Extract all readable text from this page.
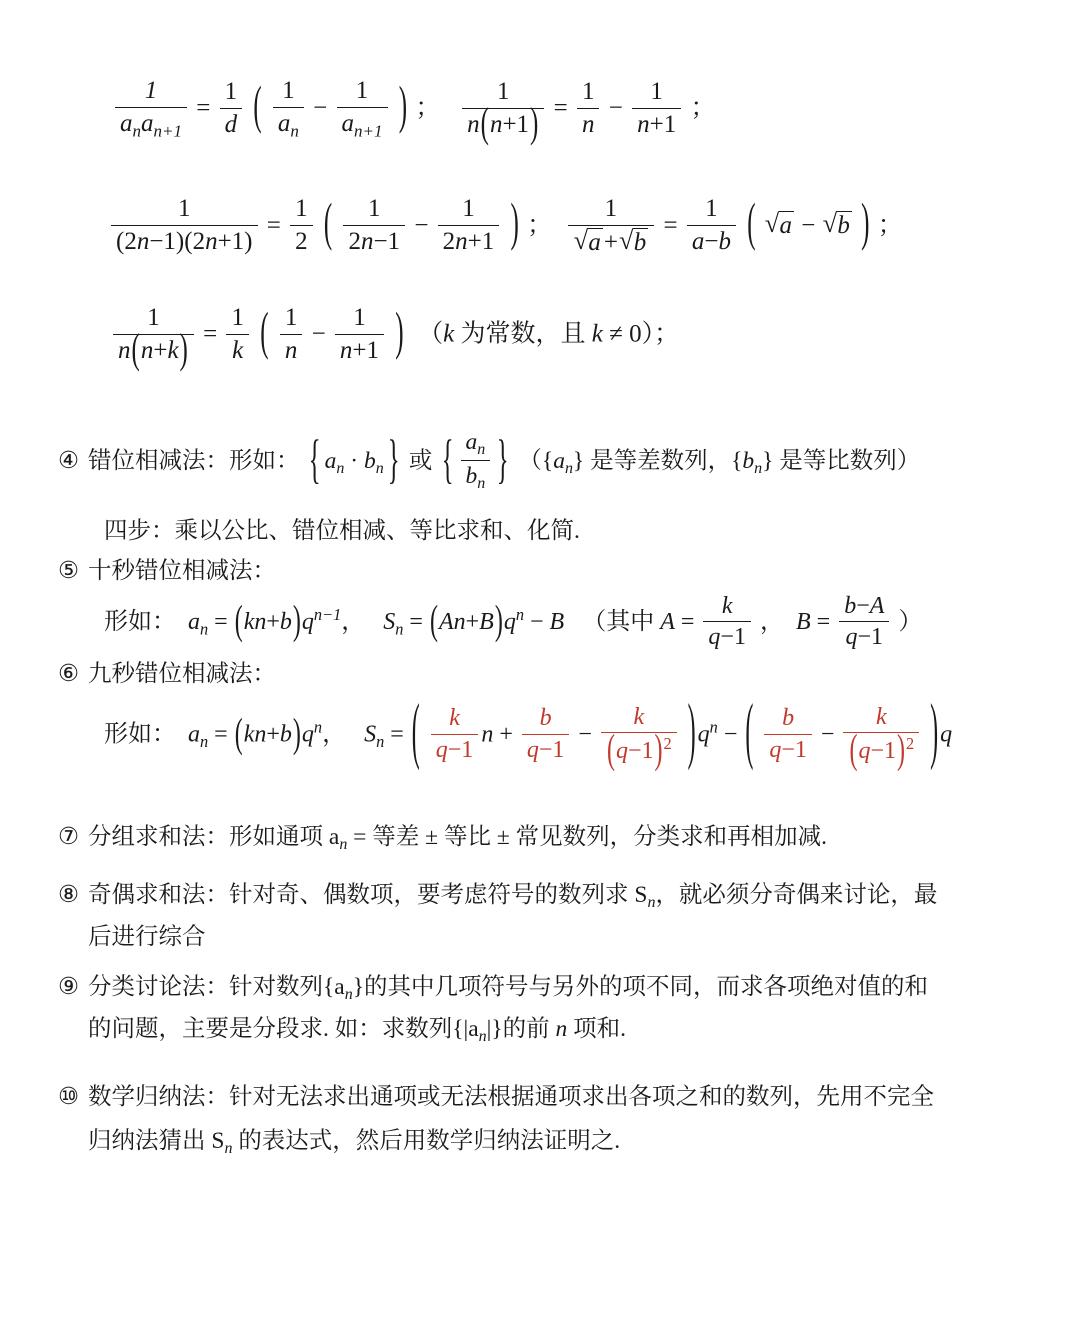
$\frac{1}{a_na_{n+1}} = \frac{1}{d}$ ( $\frac{1}{a_n} - \frac{1}{a_{n+1}}$ ) ； $\frac{1}{n(n+1)} = \frac{1}{n} - \frac{1}{n+1}$ ；
$\frac{1}{(2n-1)(2n+1)} = \frac{1}{2}$ ( $\frac{1}{2n-1} - \frac{1}{2n+1}$ ) ； 1
√ a + √ $b = \frac{1}{a-b}$ ( √ a − √ b ) ；
$\frac{1}{n(n+k)} = \frac{1}{k}$ ( $\frac{1}{n} - \frac{1}{n+1}$ )  （k 为常数，且 k ≠ 0）；
④ 错位相减法：形如： { $a_n \cdot b_n$ } 或 { $\frac{a_n}{b_n}$ } （$\{a_n\}$ 是等差数列，$\{b_n\}$ 是等比数列）
四步：乘以公比、错位相减、等比求和、化简.
⑤ 十秒错位相减法：
形如： $a_n = (kn+b)q^{n-1}$，   $S_n = (An+B)q^n - B$   （其中 $A = \frac{k}{q-1}$ ，  $B = \frac{b-A}{q-1}$ ）
⑥ 九秒错位相减法：
形如： $a_n = (kn+b)q^n$，   $S_n$ = ( $\frac{k}{q-1}$ $n + \frac{b}{q-1} - \frac{k}{(q-1)^2} )q^n$ − ( $\frac{b}{q-1} - \frac{k}{(q-1)^2} )q$
⑦ 分组求和法：形如通项 $a_n$ = 等差 ± 等比 ± 常见数列，分类求和再相加减.
⑧ 奇偶求和法：针对奇、偶数项，要考虑符号的数列求 $S_n$，就必须分奇偶来讨论，最
后进行综合
⑨ 分类讨论法：针对数列$\{a_n\}$的其中几项符号与另外的项不同，而求各项绝对值的和
的问题，主要是分段求. 如：求数列$\{|a_n|\}$的前 n 项和.
⑩ 数学归纳法：针对无法求出通项或无法根据通项求出各项之和的数列，先用不完全
归纳法猜出 $S_n$ 的表达式，然后用数学归纳法证明之.
